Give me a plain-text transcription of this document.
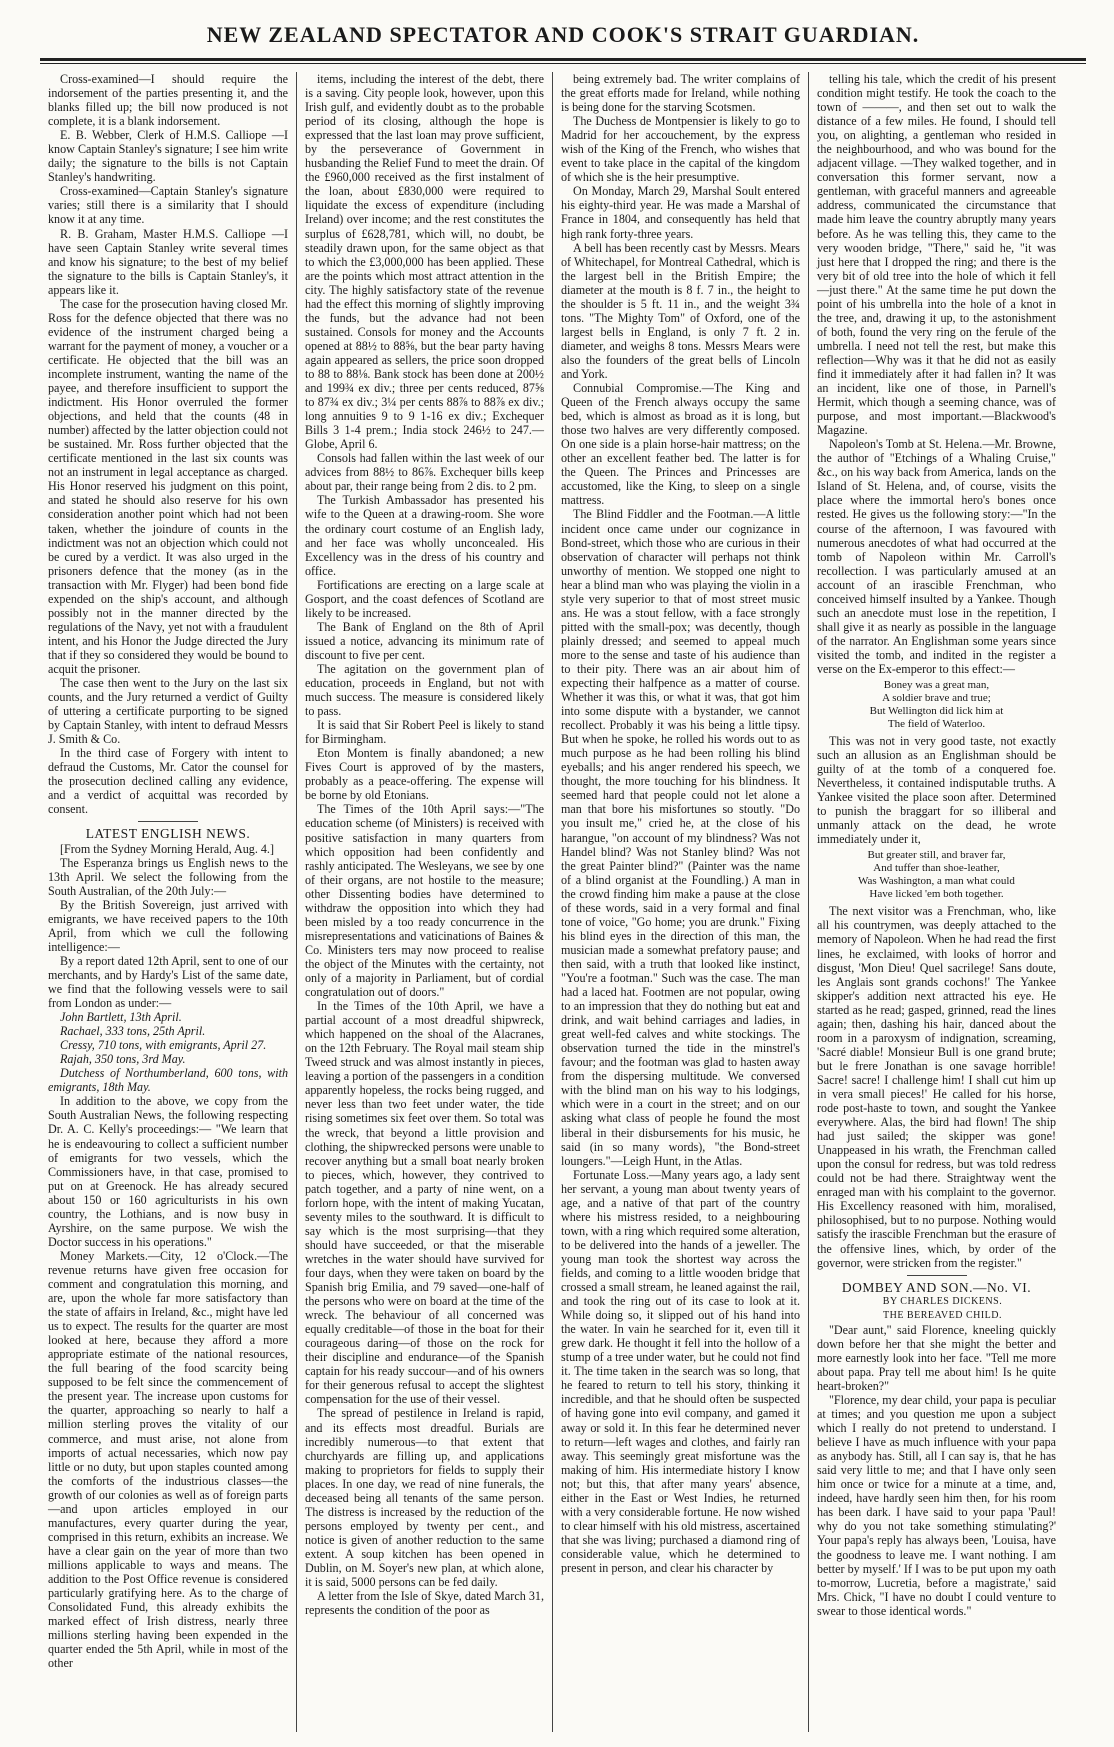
NEW ZEALAND SPECTATOR AND COOK'S STRAIT GUARDIAN.

Cross-examined—I should require the indorsement of the parties presenting it, and the blanks filled up; the bill now produced is not complete, it is a blank indorsement.

E. B. Webber, Clerk of H.M.S. Calliope —I know Captain Stanley's signature; I see him write daily; the signature to the bills is not Captain Stanley's handwriting.

Cross-examined—Captain Stanley's signature varies; still there is a similarity that I should know it at any time.

R. B. Graham, Master H.M.S. Calliope —I have seen Captain Stanley write several times and know his signature; to the best of my belief the signature to the bills is Captain Stanley's, it appears like it.

The case for the prosecution having closed Mr. Ross for the defence objected that there was no evidence of the instrument charged being a warrant for the payment of money, a voucher or a certificate. He objected that the bill was an incomplete instrument, wanting the name of the payee, and therefore insufficient to support the indictment. His Honor overruled the former objections, and held that the counts (48 in number) affected by the latter objection could not be sustained. Mr. Ross further objected that the certificate mentioned in the last six counts was not an instrument in legal acceptance as charged. His Honor reserved his judgment on this point, and stated he should also reserve for his own consideration another point which had not been taken, whether the joindure of counts in the indictment was not an objection which could not be cured by a verdict. It was also urged in the prisoners defence that the money (as in the transaction with Mr. Flyger) had been bond fide expended on the ship's account, and although possibly not in the manner directed by the regulations of the Navy, yet not with a fraudulent intent, and his Honor the Judge directed the Jury that if they so considered they would be bound to acquit the prisoner.

The case then went to the Jury on the last six counts, and the Jury returned a verdict of Guilty of uttering a certificate purporting to be signed by Captain Stanley, with intent to defraud Messrs J. Smith & Co.

In the third case of Forgery with intent to defraud the Customs, Mr. Cator the counsel for the prosecution declined calling any evidence, and a verdict of acquittal was recorded by consent.

LATEST ENGLISH NEWS.

[From the Sydney Morning Herald, Aug. 4.]

The Esperanza brings us English news to the 13th April. We select the following from the South Australian, of the 20th July:—

By the British Sovereign, just arrived with emigrants, we have received papers to the 10th April, from which we cull the following intelligence:—

By a report dated 12th April, sent to one of our merchants, and by Hardy's List of the same date, we find that the following vessels were to sail from London as under:—

John Bartlett, 13th April.

Rachael, 333 tons, 25th April.

Cressy, 710 tons, with emigrants, April 27.

Rajah, 350 tons, 3rd May.

Dutchess of Northumberland, 600 tons, with emigrants, 18th May.

In addition to the above, we copy from the South Australian News, the following respecting Dr. A. C. Kelly's proceedings:— "We learn that he is endeavouring to collect a sufficient number of emigrants for two vessels, which the Commissioners have, in that case, promised to put on at Greenock. He has already secured about 150 or 160 agriculturists in his own country, the Lothians, and is now busy in Ayrshire, on the same purpose. We wish the Doctor success in his operations."

Money Markets.—City, 12 o'Clock.—The revenue returns have given free occasion for comment and congratulation this morning, and are, upon the whole far more satisfactory than the state of affairs in Ireland, &c., might have led us to expect. The results for the quarter are most looked at here, because they afford a more appropriate estimate of the national resources, the full bearing of the food scarcity being supposed to be felt since the commencement of the present year. The increase upon customs for the quarter, approaching so nearly to half a million sterling proves the vitality of our commerce, and must arise, not alone from imports of actual necessaries, which now pay little or no duty, but upon staples counted among the comforts of the industrious classes—the growth of our colonies as well as of foreign parts—and upon articles employed in our manufactures, every quarter during the year, comprised in this return, exhibits an increase. We have a clear gain on the year of more than two millions applicable to ways and means. The addition to the Post Office revenue is considered particularly gratifying here. As to the charge of Consolidated Fund, this already exhibits the marked effect of Irish distress, nearly three millions sterling having been expended in the quarter ended the 5th April, while in most of the other

items, including the interest of the debt, there is a saving. City people look, however, upon this Irish gulf, and evidently doubt as to the probable period of its closing, although the hope is expressed that the last loan may prove sufficient, by the perseverance of Government in husbanding the Relief Fund to meet the drain. Of the £960,000 received as the first instalment of the loan, about £830,000 were required to liquidate the excess of expenditure (including Ireland) over income; and the rest constitutes the surplus of £628,781, which will, no doubt, be steadily drawn upon, for the same object as that to which the £3,000,000 has been applied. These are the points which most attract attention in the city. The highly satisfactory state of the revenue had the effect this morning of slightly improving the funds, but the advance had not been sustained. Consols for money and the Accounts opened at 88½ to 88⅝, but the bear party having again appeared as sellers, the price soon dropped to 88 to 88⅛. Bank stock has been done at 200½ and 199¾ ex div.; three per cents reduced, 87⅝ to 87¾ ex div.; 3¼ per cents 88⅞ to 88⅞ ex div.; long annuities 9 to 9 1-16 ex div.; Exchequer Bills 3 1-4 prem.; India stock 246½ to 247.—Globe, April 6.

Consols had fallen within the last week of our advices from 88½ to 86⅞. Exchequer bills keep about par, their range being from 2 dis. to 2 pm.

The Turkish Ambassador has presented his wife to the Queen at a drawing-room. She wore the ordinary court costume of an English lady, and her face was wholly unconcealed. His Excellency was in the dress of his country and office.

Fortifications are erecting on a large scale at Gosport, and the coast defences of Scotland are likely to be increased.

The Bank of England on the 8th of April issued a notice, advancing its minimum rate of discount to five per cent.

The agitation on the government plan of education, proceeds in England, but not with much success. The measure is considered likely to pass.

It is said that Sir Robert Peel is likely to stand for Birmingham.

Eton Montem is finally abandoned; a new Fives Court is approved of by the masters, probably as a peace-offering. The expense will be borne by old Etonians.

The Times of the 10th April says:—"The education scheme (of Ministers) is received with positive satisfaction in many quarters from which opposition had been confidently and rashly anticipated. The Wesleyans, we see by one of their organs, are not hostile to the measure; other Dissenting bodies have determined to withdraw the opposition into which they had been misled by a too ready concurrence in the misrepresentations and vaticinations of Baines & Co. Ministers ters may now proceed to realise the object of the Minutes with the certainty, not only of a majority in Parliament, but of cordial congratulation out of doors."

In the Times of the 10th April, we have a partial account of a most dreadful shipwreck, which happened on the shoal of the Alacranes, on the 12th February. The Royal mail steam ship Tweed struck and was almost instantly in pieces, leaving a portion of the passengers in a condition apparently hopeless, the rocks being rugged, and never less than two feet under water, the tide rising sometimes six feet over them. So total was the wreck, that beyond a little provision and clothing, the shipwrecked persons were unable to recover anything but a small boat nearly broken to pieces, which, however, they contrived to patch together, and a party of nine went, on a forlorn hope, with the intent of making Yucatan, seventy miles to the southward. It is difficult to say which is the most surprising—that they should have succeeded, or that the miserable wretches in the water should have survived for four days, when they were taken on board by the Spanish brig Emilia, and 79 saved—one-half of the persons who were on board at the time of the wreck. The behaviour of all concerned was equally creditable—of those in the boat for their courageous daring—of those on the rock for their discipline and endurance—of the Spanish captain for his ready succour—and of his owners for their generous refusal to accept the slightest compensation for the use of their vessel.

The spread of pestilence in Ireland is rapid, and its effects most dreadful. Burials are incredibly numerous—to that extent that churchyards are filling up, and applications making to proprietors for fields to supply their places. In one day, we read of nine funerals, the deceased being all tenants of the same person. The distress is increased by the reduction of the persons employed by twenty per cent., and notice is given of another reduction to the same extent. A soup kitchen has been opened in Dublin, on M. Soyer's new plan, at which alone, it is said, 5000 persons can be fed daily.

A letter from the Isle of Skye, dated March 31, represents the condition of the poor as

being extremely bad. The writer complains of the great efforts made for Ireland, while nothing is being done for the starving Scotsmen.

The Duchess de Montpensier is likely to go to Madrid for her accouchement, by the express wish of the King of the French, who wishes that event to take place in the capital of the kingdom of which she is the heir presumptive.

On Monday, March 29, Marshal Soult entered his eighty-third year. He was made a Marshal of France in 1804, and consequently has held that high rank forty-three years.

A bell has been recently cast by Messrs. Mears of Whitechapel, for Montreal Cathedral, which is the largest bell in the British Empire; the diameter at the mouth is 8 f. 7 in., the height to the shoulder is 5 ft. 11 in., and the weight 3¾ tons. "The Mighty Tom" of Oxford, one of the largest bells in England, is only 7 ft. 2 in. diameter, and weighs 8 tons. Messrs Mears were also the founders of the great bells of Lincoln and York.

Connubial Compromise.—The King and Queen of the French always occupy the same bed, which is almost as broad as it is long, but those two halves are very differently composed. On one side is a plain horse-hair mattress; on the other an excellent feather bed. The latter is for the Queen. The Princes and Princesses are accustomed, like the King, to sleep on a single mattress.

The Blind Fiddler and the Footman.—A little incident once came under our cognizance in Bond-street, which those who are curious in their observation of character will perhaps not think unworthy of mention. We stopped one night to hear a blind man who was playing the violin in a style very superior to that of most street music ans. He was a stout fellow, with a face strongly pitted with the small-pox; was decently, though plainly dressed; and seemed to appeal much more to the sense and taste of his audience than to their pity. There was an air about him of expecting their halfpence as a matter of course. Whether it was this, or what it was, that got him into some dispute with a bystander, we cannot recollect. Probably it was his being a little tipsy. But when he spoke, he rolled his words out to as much purpose as he had been rolling his blind eyeballs; and his anger rendered his speech, we thought, the more touching for his blindness. It seemed hard that people could not let alone a man that bore his misfortunes so stoutly. "Do you insult me," cried he, at the close of his harangue, "on account of my blindness? Was not Handel blind? Was not Stanley blind? Was not the great Painter blind?" (Painter was the name of a blind organist at the Foundling.) A man in the crowd finding him make a pause at the close of these words, said in a very formal and final tone of voice, "Go home; you are drunk." Fixing his blind eyes in the direction of this man, the musician made a somewhat prefatory pause; and then said, with a truth that looked like instinct, "You're a footman." Such was the case. The man had a laced hat. Footmen are not popular, owing to an impression that they do nothing but eat and drink, and wait behind carriages and ladies, in great well-fed calves and white stockings. The observation turned the tide in the minstrel's favour; and the footman was glad to hasten away from the dispersing multitude. We conversed with the blind man on his way to his lodgings, which were in a court in the street; and on our asking what class of people he found the most liberal in their disbursements for his music, he said (in so many words), "the Bond-street loungers."—Leigh Hunt, in the Atlas.

Fortunate Loss.—Many years ago, a lady sent her servant, a young man about twenty years of age, and a native of that part of the country where his mistress resided, to a neighbouring town, with a ring which required some alteration, to be delivered into the hands of a jeweller. The young man took the shortest way across the fields, and coming to a little wooden bridge that crossed a small stream, he leaned against the rail, and took the ring out of its case to look at it. While doing so, it slipped out of his hand into the water. In vain he searched for it, even till it grew dark. He thought it fell into the hollow of a stump of a tree under water, but he could not find it. The time taken in the search was so long, that he feared to return to tell his story, thinking it incredible, and that he should often be suspected of having gone into evil company, and gamed it away or sold it. In this fear he determined never to return—left wages and clothes, and fairly ran away. This seemingly great misfortune was the making of him. His intermediate history I know not; but this, that after many years' absence, either in the East or West Indies, he returned with a very considerable fortune. He now wished to clear himself with his old mistress, ascertained that she was living; purchased a diamond ring of considerable value, which he determined to present in person, and clear his character by

telling his tale, which the credit of his present condition might testify. He took the coach to the town of ———, and then set out to walk the distance of a few miles. He found, I should tell you, on alighting, a gentleman who resided in the neighbourhood, and who was bound for the adjacent village. —They walked together, and in conversation this former servant, now a gentleman, with graceful manners and agreeable address, communicated the circumstance that made him leave the country abruptly many years before. As he was telling this, they came to the very wooden bridge, "There," said he, "it was just here that I dropped the ring; and there is the very bit of old tree into the hole of which it fell—just there." At the same time he put down the point of his umbrella into the hole of a knot in the tree, and, drawing it up, to the astonishment of both, found the very ring on the ferule of the umbrella. I need not tell the rest, but make this reflection—Why was it that he did not as easily find it immediately after it had fallen in? It was an incident, like one of those, in Parnell's Hermit, which though a seeming chance, was of purpose, and most important.—Blackwood's Magazine.

Napoleon's Tomb at St. Helena.—Mr. Browne, the author of "Etchings of a Whaling Cruise," &c., on his way back from America, lands on the Island of St. Helena, and, of course, visits the place where the immortal hero's bones once rested. He gives us the following story:—"In the course of the afternoon, I was favoured with numerous anecdotes of what had occurred at the tomb of Napoleon within Mr. Carroll's recollection. I was particularly amused at an account of an irascible Frenchman, who conceived himself insulted by a Yankee. Though such an anecdote must lose in the repetition, I shall give it as nearly as possible in the language of the narrator. An Englishman some years since visited the tomb, and indited in the register a verse on the Ex-emperor to this effect:—

Boney was a great man,
A soldier brave and true;
But Wellington did lick him at
The field of Waterloo.

This was not in very good taste, not exactly such an allusion as an Englishman should be guilty of at the tomb of a conquered foe. Nevertheless, it contained indisputable truths. A Yankee visited the place soon after. Determined to punish the braggart for so illiberal and unmanly attack on the dead, he wrote immediately under it,

But greater still, and braver far,
And tuffer than shoe-leather,
Was Washington, a man what could
Have licked 'em both together.

The next visitor was a Frenchman, who, like all his countrymen, was deeply attached to the memory of Napoleon. When he had read the first lines, he exclaimed, with looks of horror and disgust, 'Mon Dieu! Quel sacrilege! Sans doute, les Anglais sont grands cochons!' The Yankee skipper's addition next attracted his eye. He started as he read; gasped, grinned, read the lines again; then, dashing his hair, danced about the room in a paroxysm of indignation, screaming, 'Sacré diable! Monsieur Bull is one grand brute; but le frere Jonathan is one savage horrible! Sacre! sacre! I challenge him! I shall cut him up in vera small pieces!' He called for his horse, rode post-haste to town, and sought the Yankee everywhere. Alas, the bird had flown! The ship had just sailed; the skipper was gone! Unappeased in his wrath, the Frenchman called upon the consul for redress, but was told redress could not be had there. Straightway went the enraged man with his complaint to the governor. His Excellency reasoned with him, moralised, philosophised, but to no purpose. Nothing would satisfy the irascible Frenchman but the erasure of the offensive lines, which, by order of the governor, were stricken from the register."

DOMBEY AND SON.—No. VI.

BY CHARLES DICKENS.

THE BEREAVED CHILD.

"Dear aunt," said Florence, kneeling quickly down before her that she might the better and more earnestly look into her face. "Tell me more about papa. Pray tell me about him! Is he quite heart-broken?"

"Florence, my dear child, your papa is peculiar at times; and you question me upon a subject which I really do not pretend to understand. I believe I have as much influence with your papa as anybody has. Still, all I can say is, that he has said very little to me; and that I have only seen him once or twice for a minute at a time, and, indeed, have hardly seen him then, for his room has been dark. I have said to your papa 'Paul! why do you not take something stimulating?' Your papa's reply has always been, 'Louisa, have the goodness to leave me. I want nothing. I am better by myself.' If I was to be put upon my oath to-morrow, Lucretia, before a magistrate,' said Mrs. Chick, "I have no doubt I could venture to swear to those identical words."
